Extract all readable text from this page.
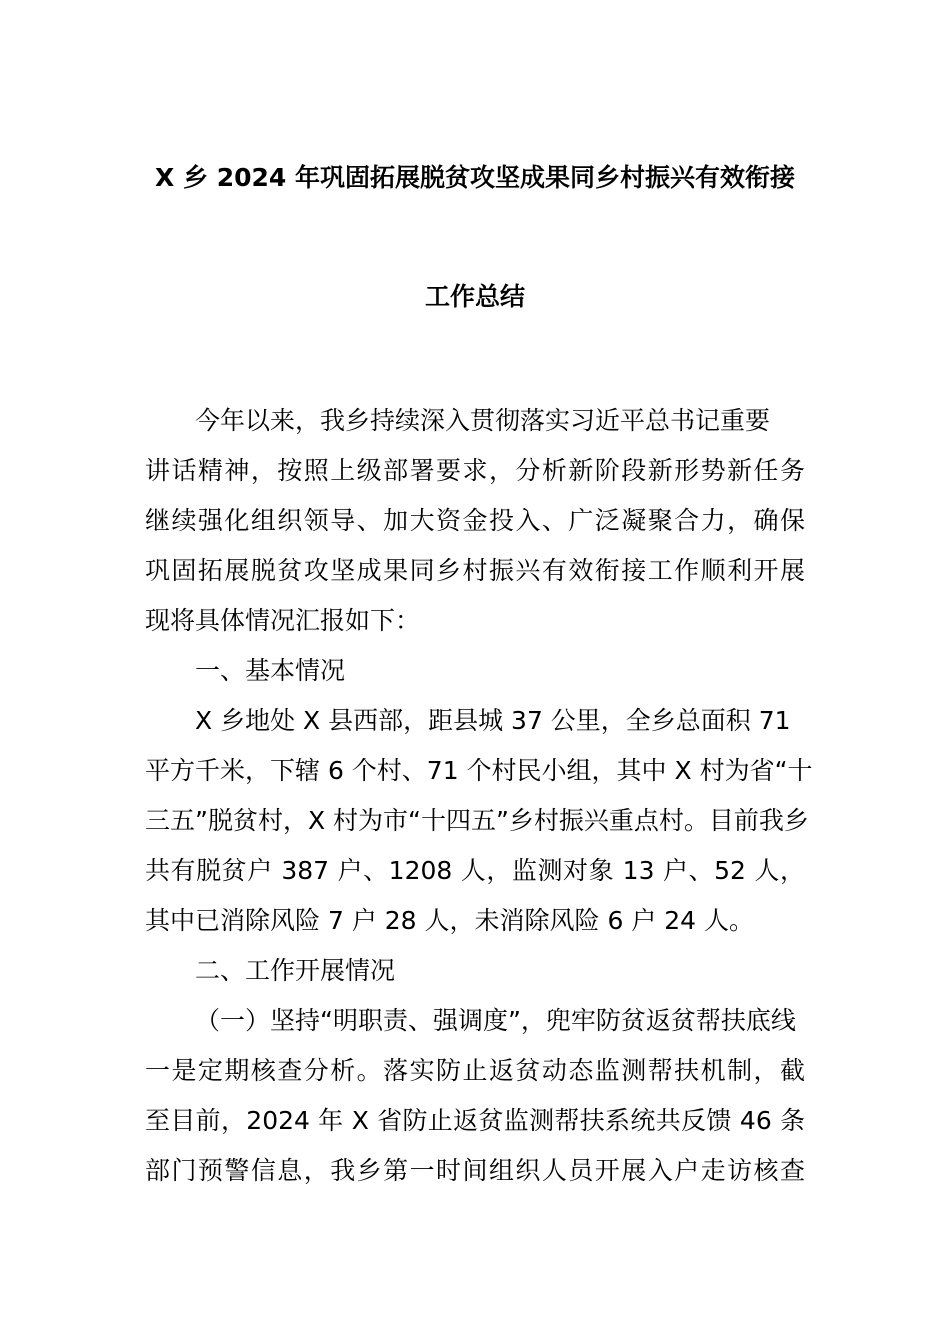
X 乡 2024 年巩固拓展脱贫攻坚成果同乡村振兴有效衔接
工作总结
今年以来，我乡持续深入贯彻落实习近平总书记重要
讲话精神，按照上级部署要求，分析新阶段新形势新任务
继续强化组织领导、加大资金投入、广泛凝聚合力，确保
巩固拓展脱贫攻坚成果同乡村振兴有效衔接工作顺利开展
现将具体情况汇报如下：
一、基本情况
X 乡地处 X 县西部，距县城 37 公里，全乡总面积 71
平方千米，下辖 6 个村、71 个村民小组，其中 X 村为省“十
三五”脱贫村，X 村为市“十四五”乡村振兴重点村。目前我乡
共有脱贫户 387 户、1208 人，监测对象 13 户、52 人，
其中已消除风险 7 户 28 人，未消除风险 6 户 24 人。
二、工作开展情况
（一）坚持“明职责、强调度”，兜牢防贫返贫帮扶底线
一是定期核查分析。落实防止返贫动态监测帮扶机制，截
至目前，2024 年 X 省防止返贫监测帮扶系统共反馈 46 条
部门预警信息，我乡第一时间组织人员开展入户走访核查
